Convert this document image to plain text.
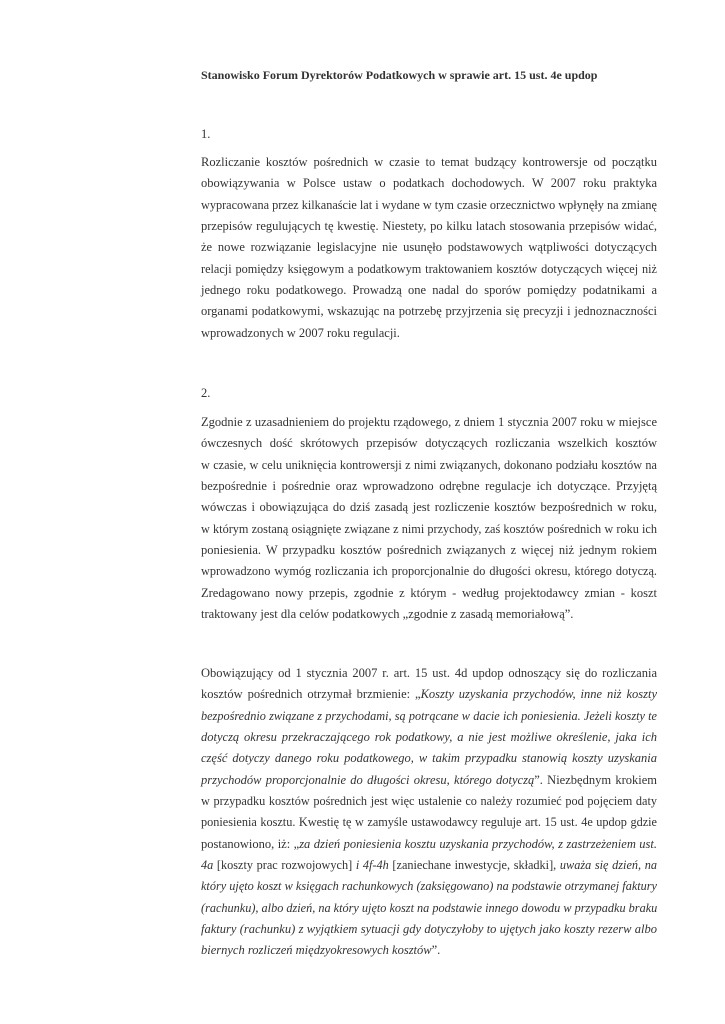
Stanowisko Forum Dyrektorów Podatkowych w sprawie art. 15 ust. 4e updop
1.
Rozliczanie kosztów pośrednich w czasie to temat budzący kontrowersje od początku
obowiązywania w Polsce ustaw o podatkach dochodowych. W 2007 roku praktyka
wypracowana przez kilkanaście lat i wydane w tym czasie orzecznictwo wpłynęły na zmianę
przepisów regulujących tę kwestię. Niestety, po kilku latach stosowania przepisów widać,
że nowe rozwiązanie legislacyjne nie usunęło podstawowych wątpliwości dotyczących
relacji pomiędzy księgowym a podatkowym traktowaniem kosztów dotyczących więcej niż
jednego roku podatkowego. Prowadzą one nadal do sporów pomiędzy podatnikami a
organami podatkowymi, wskazując na potrzebę przyjrzenia się precyzji i jednoznaczności
wprowadzonych w 2007 roku regulacji.
2.
Zgodnie z uzasadnieniem do projektu rządowego, z dniem 1 stycznia 2007 roku w miejsce
ówczesnych dość skrótowych przepisów dotyczących rozliczania wszelkich kosztów
w czasie, w celu uniknięcia kontrowersji z nimi związanych, dokonano podziału kosztów na
bezpośrednie i pośrednie oraz wprowadzono odrębne regulacje ich dotyczące. Przyjętą
wówczas i obowiązująca do dziś zasadą jest rozliczenie kosztów bezpośrednich w roku,
w którym zostaną osiągnięte związane z nimi przychody, zaś kosztów pośrednich w roku ich
poniesienia. W przypadku kosztów pośrednich związanych z więcej niż jednym rokiem
wprowadzono wymóg rozliczania ich proporcjonalnie do długości okresu, którego dotyczą.
Zredagowano nowy przepis, zgodnie z którym - według projektodawcy zmian - koszt
traktowany jest dla celów podatkowych „zgodnie z zasadą memoriałową”.
Obowiązujący od 1 stycznia 2007 r. art. 15 ust. 4d updop odnoszący się do rozliczania
kosztów pośrednich otrzymał brzmienie: „Koszty uzyskania przychodów, inne niż koszty
bezpośrednio związane z przychodami, są potrącane w dacie ich poniesienia. Jeżeli koszty te
dotyczą okresu przekraczającego rok podatkowy, a nie jest możliwe określenie, jaka ich
część dotyczy danego roku podatkowego, w takim przypadku stanowią koszty uzyskania
przychodów proporcjonalnie do długości okresu, którego dotyczą”. Niezbędnym krokiem
w przypadku kosztów pośrednich jest więc ustalenie co należy rozumieć pod pojęciem daty
poniesienia kosztu. Kwestię tę w zamyśle ustawodawcy reguluje art. 15 ust. 4e updop gdzie
postanowiono, iż: „za dzień poniesienia kosztu uzyskania przychodów, z zastrzeżeniem ust.
4a [koszty prac rozwojowych] i 4f-4h [zaniechane inwestycje, składki], uważa się dzień, na
który ujęto koszt w księgach rachunkowych (zaksięgowano) na podstawie otrzymanej faktury
(rachunku), albo dzień, na który ujęto koszt na podstawie innego dowodu w przypadku braku
faktury (rachunku) z wyjątkiem sytuacji gdy dotyczyłoby to ujętych jako koszty rezerw albo
biernych rozliczeń międzyokresowych kosztów”.
